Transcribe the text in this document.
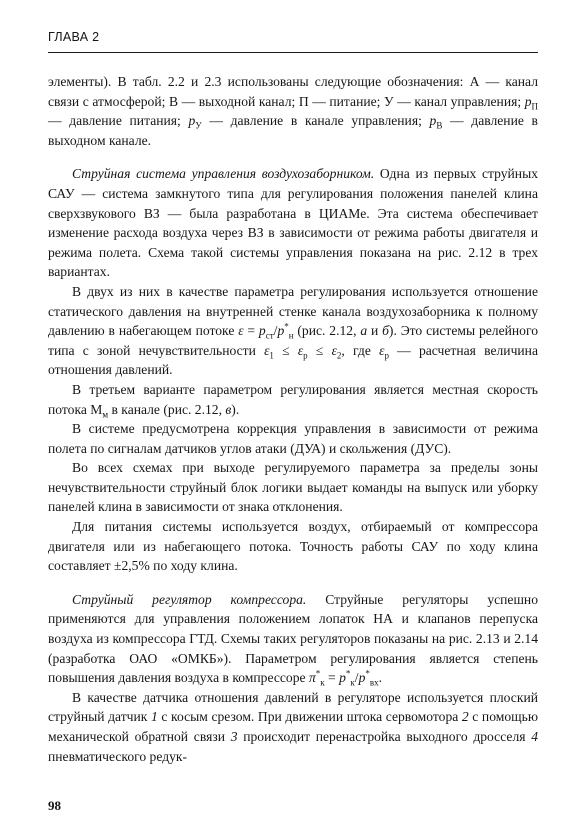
ГЛАВА 2

элементы). В табл. 2.2 и 2.3 использованы следующие обозначения: А — канал связи с атмосферой; В — выходной канал; П — питание; У — канал управления; $p_П$ — давление питания; $p_У$ — давление в канале управления; $p_В$ — давление в выходном канале.

Струйная система управления воздухозаборником. Одна из первых струйных САУ — система замкнутого типа для регулирования положения панелей клина сверхзвукового ВЗ — была разработана в ЦИАМе. Эта система обеспечивает изменение расхода воздуха через ВЗ в зависимости от режима работы двигателя и режима полета. Схема такой системы управления показана на рис. 2.12 в трех вариантах.

В двух из них в качестве параметра регулирования используется отношение статического давления на внутренней стенке канала воздухозаборника к полному давлению в набегающем потоке $\varepsilon = p_{ст}/p^*_н$ (рис. 2.12, а и б). Это системы релейного типа с зоной нечувствительности $\varepsilon_1 \le \varepsilon_р \le \varepsilon_2$, где $\varepsilon_р$ — расчетная величина отношения давлений.

В третьем варианте параметром регулирования является местная скорость потока $M_м$ в канале (рис. 2.12, в).

В системе предусмотрена коррекция управления в зависимости от режима полета по сигналам датчиков углов атаки (ДУА) и скольжения (ДУС).

Во всех схемах при выходе регулируемого параметра за пределы зоны нечувствительности струйный блок логики выдает команды на выпуск или уборку панелей клина в зависимости от знака отклонения.

Для питания системы используется воздух, отбираемый от компрессора двигателя или из набегающего потока. Точность работы САУ по ходу клина составляет ±2,5% по ходу клина.

Струйный регулятор компрессора. Струйные регуляторы успешно применяются для управления положением лопаток НА и клапанов перепуска воздуха из компрессора ГТД. Схемы таких регуляторов показаны на рис. 2.13 и 2.14 (разработка ОАО «ОМКБ»). Параметром регулирования является степень повышения давления воздуха в компрессоре $\pi^*_к = p^*_к/p^*_{вх}$.

В качестве датчика отношения давлений в регуляторе используется плоский струйный датчик 1 с косым срезом. При движении штока сервомотора 2 с помощью механической обратной связи 3 происходит перенастройка выходного дросселя 4 пневматического редук-

98
